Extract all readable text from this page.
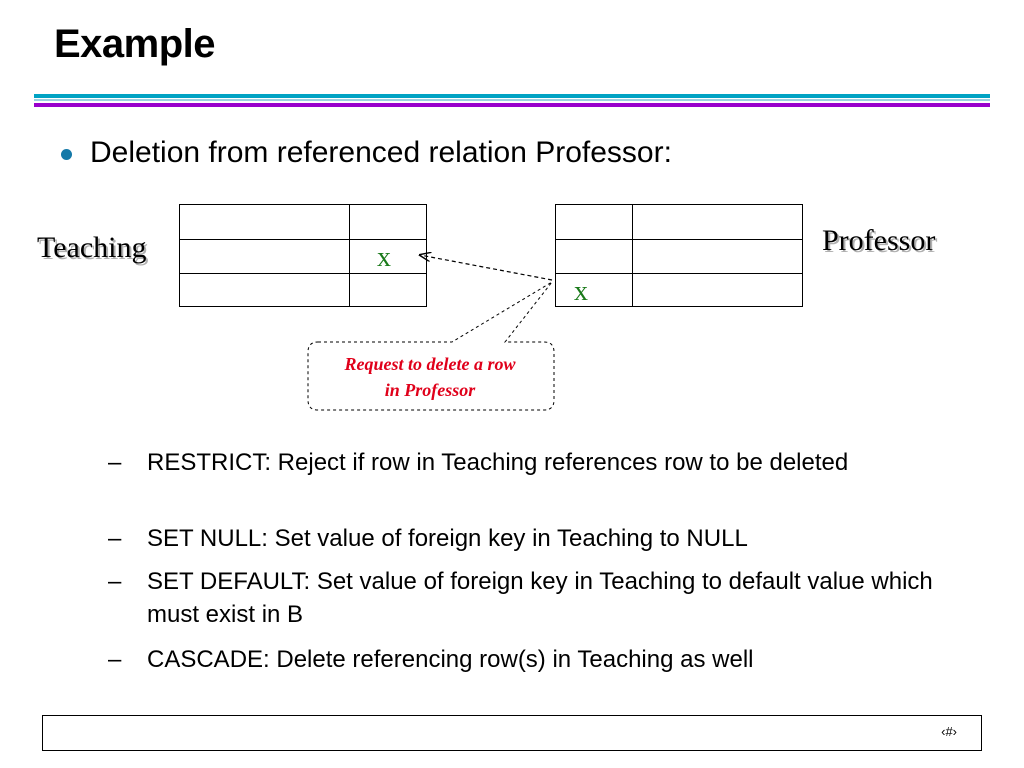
Example
Deletion from referenced relation Professor:
Teaching	Professor
x
x
Request to delete a row
in Professor
– RESTRICT: Reject if row in Teaching references row to be deleted
– SET NULL: Set value of foreign key in Teaching to NULL
– SET DEFAULT: Set value of foreign key in Teaching to default value which must exist in B
– CASCADE: Delete referencing row(s) in Teaching as well
‹#›
